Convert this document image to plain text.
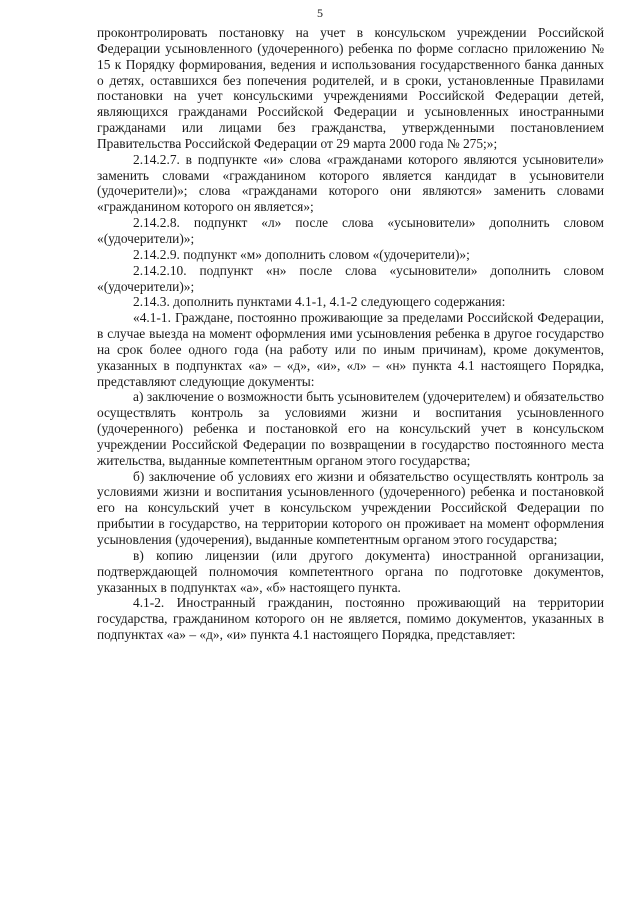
5

проконтролировать постановку на учет в консульском учреждении Российской Федерации усыновленного (удочеренного) ребенка по форме согласно приложению № 15 к Порядку формирования, ведения и использования государственного банка данных о детях, оставшихся без попечения родителей, и в сроки, установленные Правилами постановки на учет консульскими учреждениями Российской Федерации детей, являющихся гражданами Российской Федерации и усыновленных иностранными гражданами или лицами без гражданства, утвержденными постановлением Правительства Российской Федерации от 29 марта 2000 года № 275;»;

2.14.2.7. в подпункте «и» слова «гражданами которого являются усыновители» заменить словами «гражданином которого является кандидат в усыновители (удочерители)»; слова «гражданами которого они являются» заменить словами «гражданином которого он является»;

2.14.2.8. подпункт «л» после слова «усыновители» дополнить словом «(удочерители)»;

2.14.2.9. подпункт «м» дополнить словом «(удочерители)»;

2.14.2.10. подпункт «н» после слова «усыновители» дополнить словом «(удочерители)»;

2.14.3. дополнить пунктами 4.1-1, 4.1-2 следующего содержания:

«4.1-1. Граждане, постоянно проживающие за пределами Российской Федерации, в случае выезда на момент оформления ими усыновления ребенка в другое государство на срок более одного года (на работу или по иным причинам), кроме документов, указанных в подпунктах «а» – «д», «и», «л» – «н» пункта 4.1 настоящего Порядка, представляют следующие документы:

а) заключение о возможности быть усыновителем (удочерителем) и обязательство осуществлять контроль за условиями жизни и воспитания усыновленного (удочеренного) ребенка и постановкой его на консульский учет в консульском учреждении Российской Федерации по возвращении в государство постоянного места жительства, выданные компетентным органом этого государства;

б) заключение об условиях его жизни и обязательство осуществлять контроль за условиями жизни и воспитания усыновленного (удочеренного) ребенка и постановкой его на консульский учет в консульском учреждении Российской Федерации по прибытии в государство, на территории которого он проживает на момент оформления усыновления (удочерения), выданные компетентным органом этого государства;

в) копию лицензии (или другого документа) иностранной организации, подтверждающей полномочия компетентного органа по подготовке документов, указанных в подпунктах «а», «б» настоящего пункта.

4.1-2. Иностранный гражданин, постоянно проживающий на территории государства, гражданином которого он не является, помимо документов, указанных в подпунктах «а» – «д», «и» пункта 4.1 настоящего Порядка, представляет:
